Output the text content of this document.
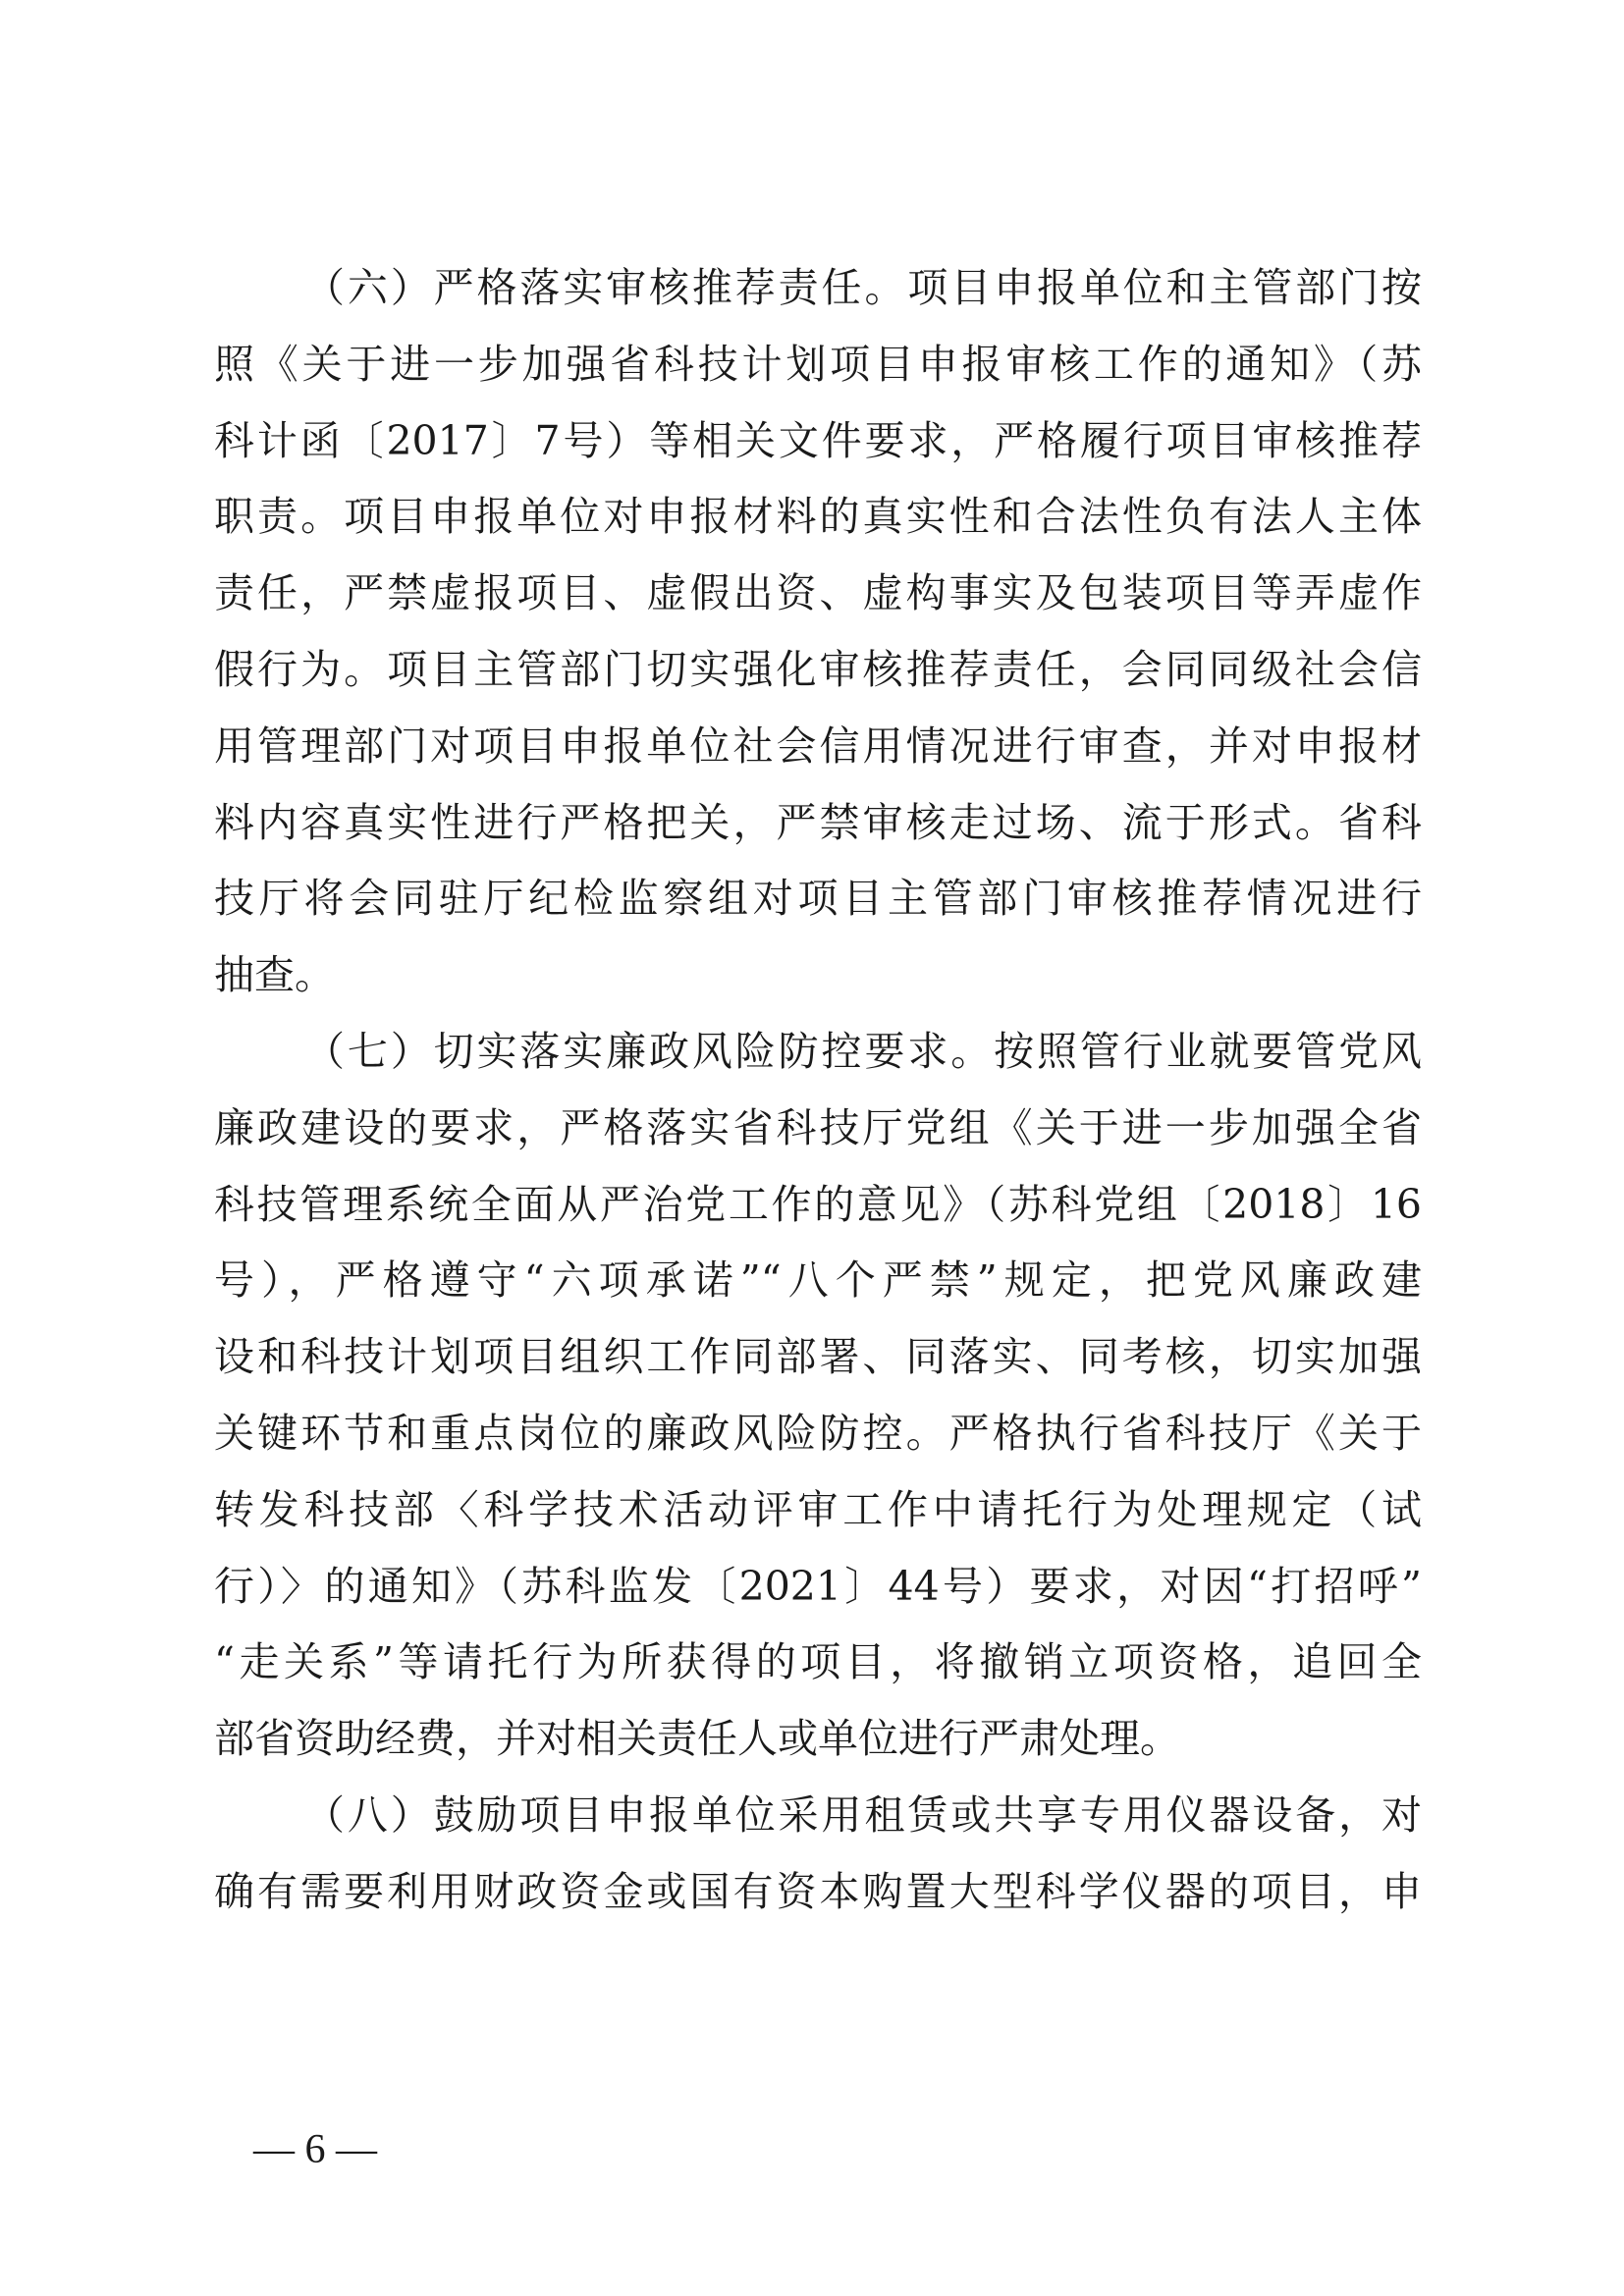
（六）严格落实审核推荐责任。项目申报单位和主管部门按
照《关于进一步加强省科技计划项目申报审核工作的通知》（苏
科计函〔2017〕7号）等相关文件要求，严格履行项目审核推荐
职责。项目申报单位对申报材料的真实性和合法性负有法人主体
责任，严禁虚报项目、虚假出资、虚构事实及包装项目等弄虚作
假行为。项目主管部门切实强化审核推荐责任，会同同级社会信
用管理部门对项目申报单位社会信用情况进行审查，并对申报材
料内容真实性进行严格把关，严禁审核走过场、流于形式。省科
技厅将会同驻厅纪检监察组对项目主管部门审核推荐情况进行
抽查。
（七）切实落实廉政风险防控要求。按照管行业就要管党风
廉政建设的要求，严格落实省科技厅党组《关于进一步加强全省
科技管理系统全面从严治党工作的意见》（苏科党组〔2018〕16
号），严格遵守“六项承诺”“八个严禁”规定，把党风廉政建
设和科技计划项目组织工作同部署、同落实、同考核，切实加强
关键环节和重点岗位的廉政风险防控。严格执行省科技厅《关于
转发科技部〈科学技术活动评审工作中请托行为处理规定（试
行）〉的通知》（苏科监发〔2021〕44号）要求，对因“打招呼”
“走关系”等请托行为所获得的项目，将撤销立项资格，追回全
部省资助经费，并对相关责任人或单位进行严肃处理。
（八）鼓励项目申报单位采用租赁或共享专用仪器设备，对
确有需要利用财政资金或国有资本购置大型科学仪器的项目，申
— 6 —
